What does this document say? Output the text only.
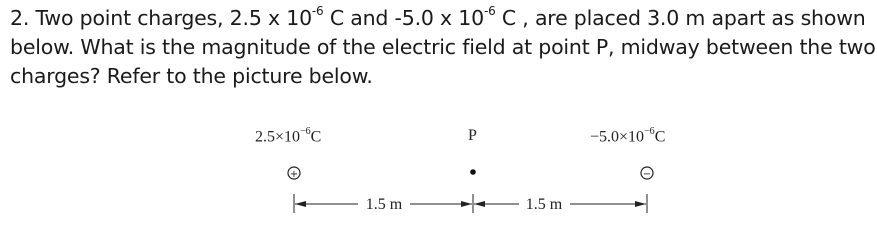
2. Two point charges, 2.5 x $10^{-6}$ C and -5.0 x $10^{-6}$ C , are placed 3.0 m apart as shown

below. What is the magnitude of the electric field at point P, midway between the two

charges? Refer to the picture below.

$2.5\times 10^{-6}C$	P	$-5.0\times 10^{-6}C$
+	−
1.5 m	1.5 m
